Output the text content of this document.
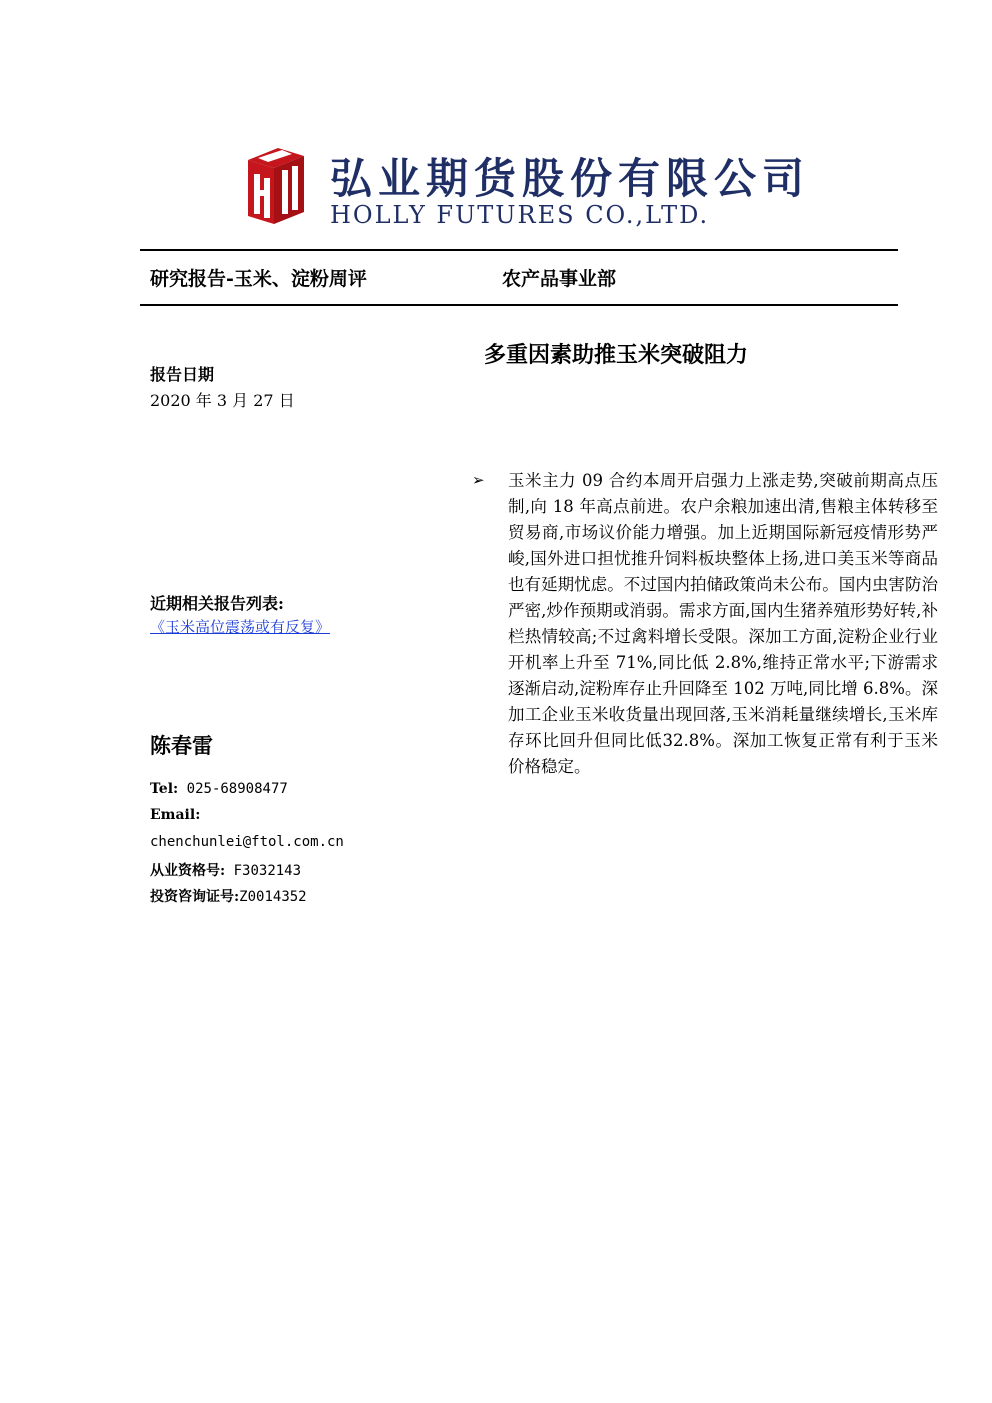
弘业期货股份有限公司
HOLLY FUTURES CO.,LTD.
研究报告-玉米、淀粉周评	农产品事业部
多重因素助推玉米突破阻力
报告日期
2020 年 3 月 27 日
近期相关报告列表:
《玉米高位震荡或有反复》
陈春雷
Tel: 025-68908477
Email:
chenchunlei@ftol.com.cn
从业资格号: F3032143
投资咨询证号:Z0014352
➢ 玉米主力 09 合约本周开启强力上涨走势,突破前期高点压制,向 18 年高点前进。农户余粮加速出清,售粮主体转移至贸易商,市场议价能力增强。加上近期国际新冠疫情形势严峻,国外进口担忧推升饲料板块整体上扬,进口美玉米等商品也有延期忧虑。不过国内拍储政策尚未公布。国内虫害防治严密,炒作预期或消弱。需求方面,国内生猪养殖形势好转,补栏热情较高;不过禽料增长受限。深加工方面,淀粉企业行业开机率上升至 71%,同比低 2.8%,维持正常水平;下游需求逐渐启动,淀粉库存止升回降至 102 万吨,同比增 6.8%。深加工企业玉米收货量出现回落,玉米消耗量继续增长,玉米库存环比回升但同比低32.8%。深加工恢复正常有利于玉米价格稳定。
